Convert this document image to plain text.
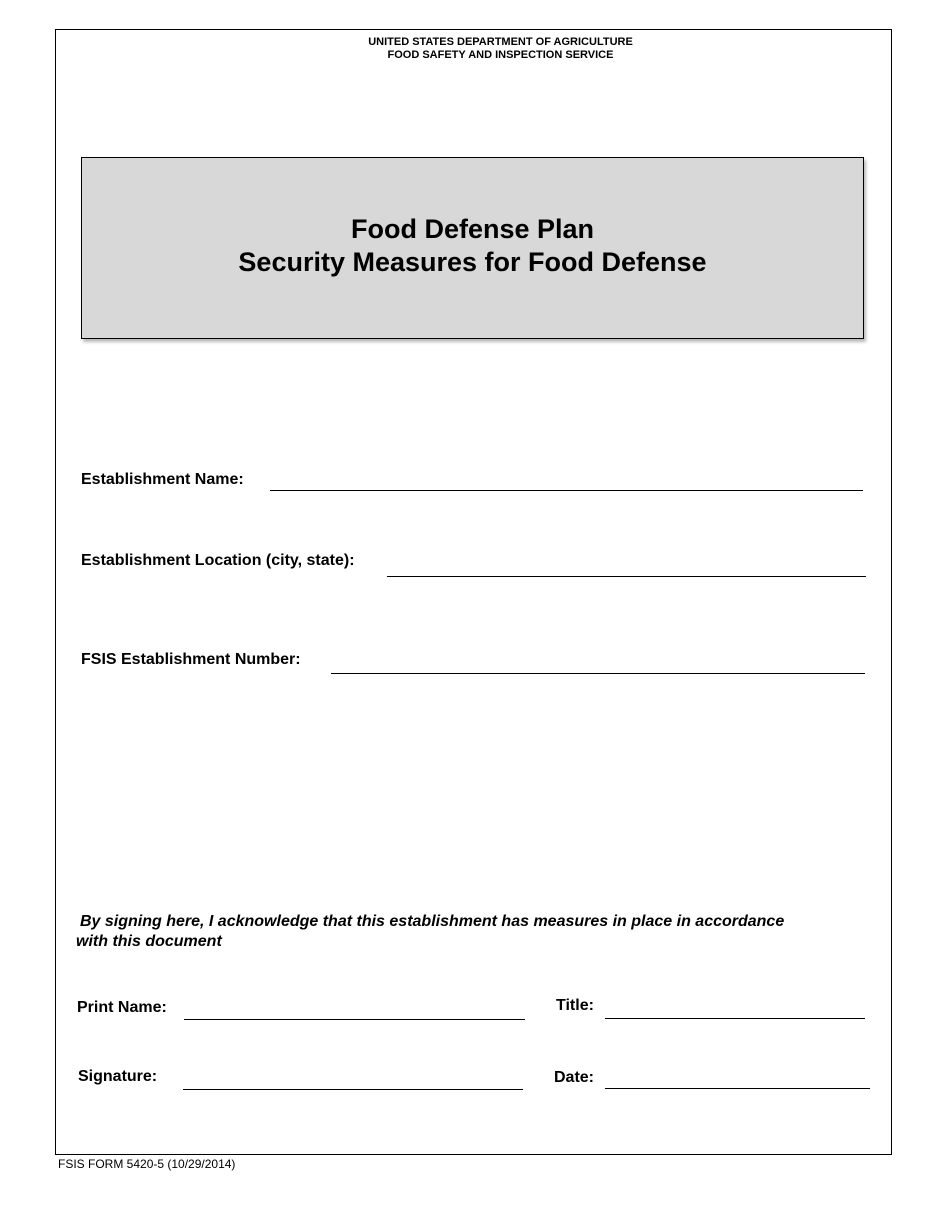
UNITED STATES DEPARTMENT OF AGRICULTURE
FOOD SAFETY AND INSPECTION SERVICE
Food Defense Plan
Security Measures for Food Defense
Establishment Name:
Establishment Location (city, state):
FSIS Establishment Number:
By signing here, I acknowledge that this establishment has measures in place in accordance
with this document
Print Name:	Title:
Signature:	Date:
FSIS FORM 5420-5 (10/29/2014)
